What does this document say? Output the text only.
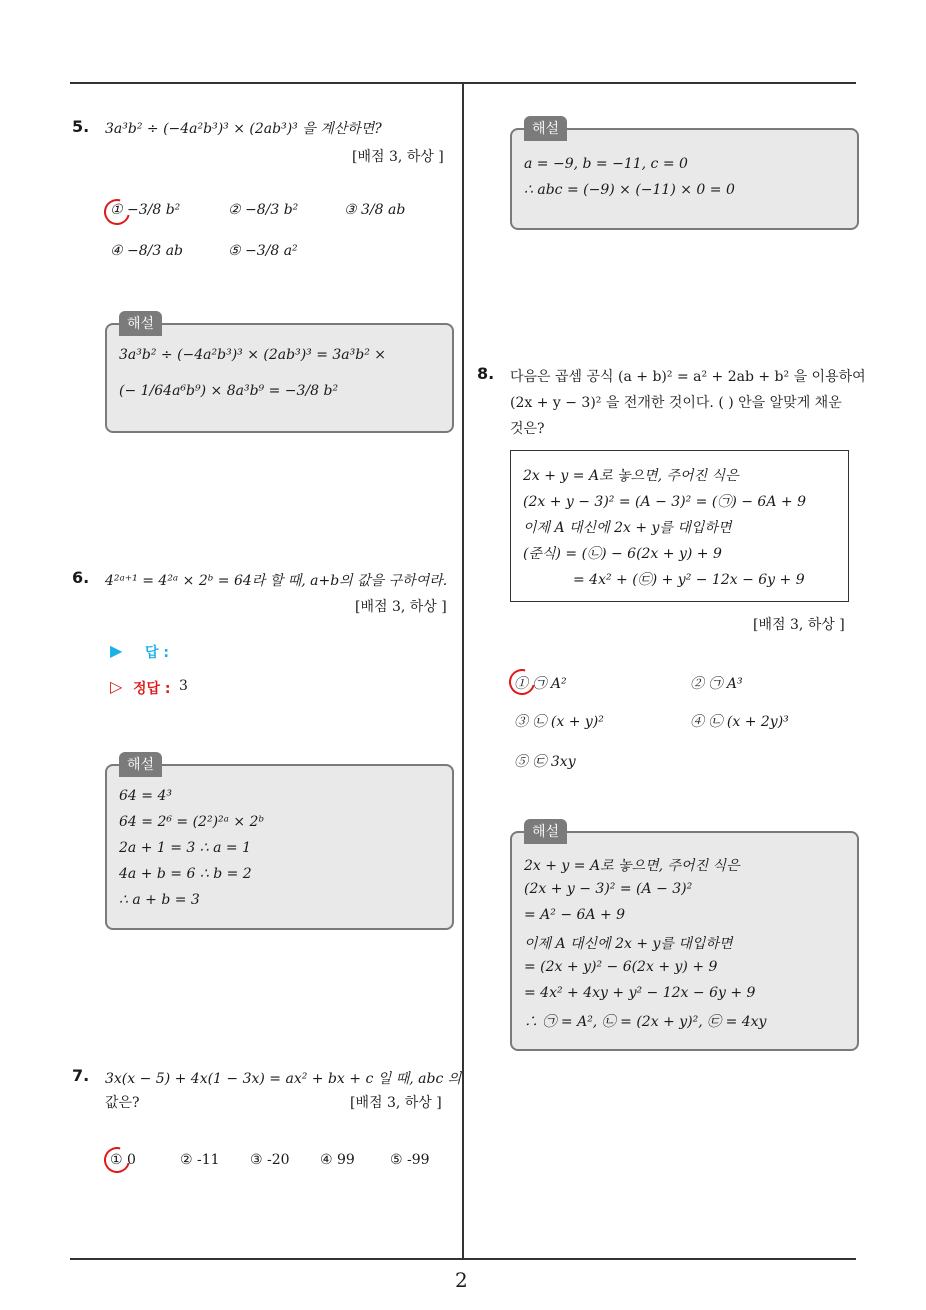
2
5. 3a³b² ÷ (−4a²b³)³ × (2ab³)³ 을 계산하면?
[배점 3, 하상 ]
① −3/8 b²	② −8/3 b²	③ 3/8 ab
④ −8/3 ab	⑤ −3/8 a²
해설
3a³b² ÷ (−4a²b³)³ × (2ab³)³ = 3a³b² ×
(− 1/64a⁶b⁹) × 8a³b⁹ = −3/8 b²
6. 4²ᵃ⁺¹ = 4²ᵃ × 2ᵇ = 64라 할 때, a+b의 값을 구하여라.
[배점 3, 하상 ]
▶ 답 :
▷ 정답 : 3
해설
64 = 4³
64 = 2⁶ = (2²)²ᵃ × 2ᵇ
2a + 1 = 3 ∴ a = 1
4a + b = 6 ∴ b = 2
∴ a + b = 3
7. 3x(x − 5) + 4x(1 − 3x) = ax² + bx + c 일 때, abc 의
값은?	[배점 3, 하상 ]
① 0	② -11 ③ -20 ④ 99	⑤ -99
해설
a = −9, b = −11, c = 0
∴ abc = (−9) × (−11) × 0 = 0
8. 다음은 곱셈 공식 (a + b)² = a² + 2ab + b² 을 이용하여
(2x + y − 3)² 을 전개한 것이다. ( ) 안을 알맞게 채운
것은?
2x + y = A로 놓으면, 주어진 식은
(2x + y − 3)² = (A − 3)² = (㉠) − 6A + 9
이제 A 대신에 2x + y를 대입하면
(준식) = (㉡) − 6(2x + y) + 9
= 4x² + (㉢) + y² − 12x − 6y + 9
[배점 3, 하상 ]
① ㉠ A²	② ㉠ A³
③ ㉡ (x + y)²	④ ㉡ (x + 2y)³
⑤ ㉢ 3xy
해설
2x + y = A로 놓으면, 주어진 식은
(2x + y − 3)² = (A − 3)²
= A² − 6A + 9
이제 A 대신에 2x + y를 대입하면
= (2x + y)² − 6(2x + y) + 9
= 4x² + 4xy + y² − 12x − 6y + 9
∴ ㉠ = A², ㉡ = (2x + y)², ㉢ = 4xy
